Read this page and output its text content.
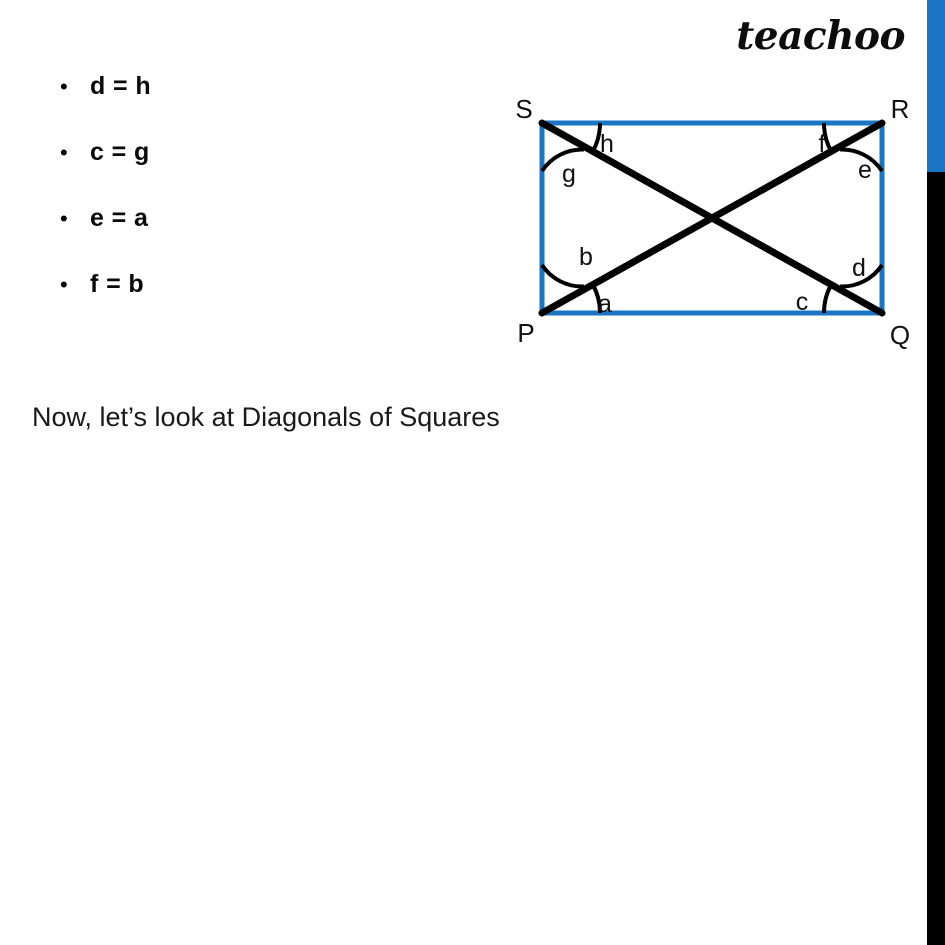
teachoo
• d = h
• c = g
• e = a
• f = b
Now, let’s look at Diagonals of Squares
S	R
P	Q
h
g
f
e
b
a	c
d
